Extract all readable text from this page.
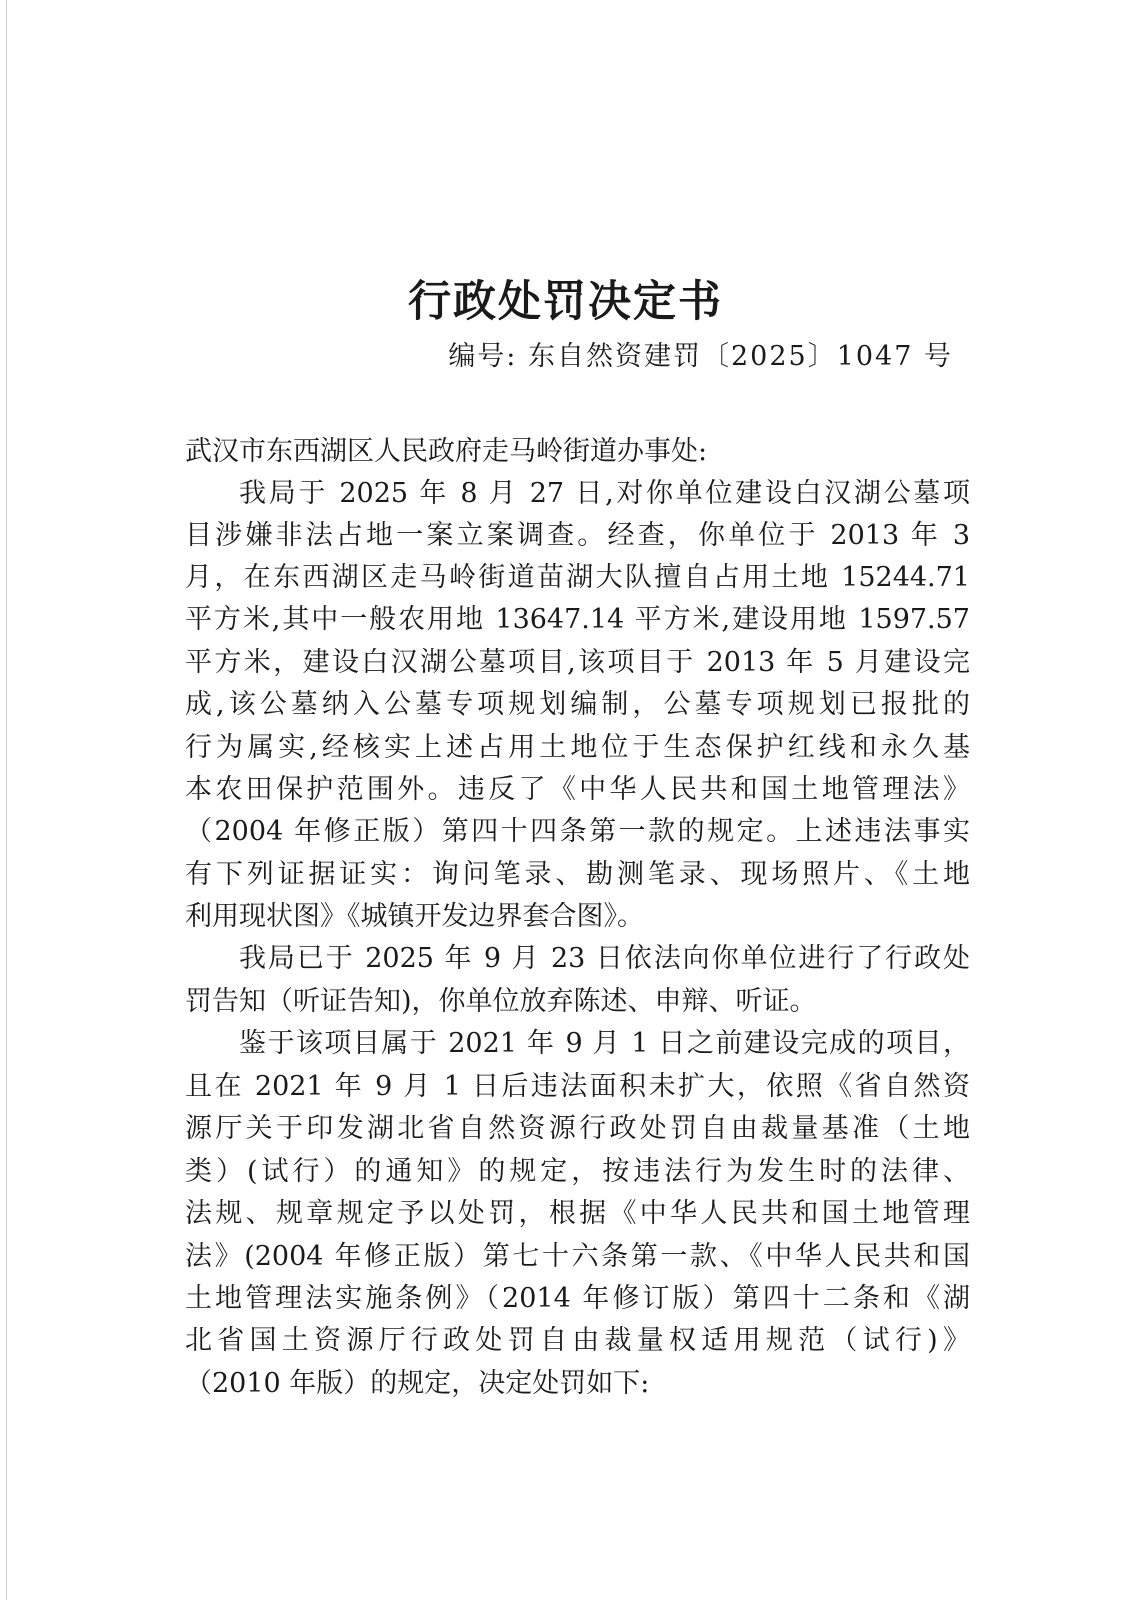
行政处罚决定书
编号: 东自然资建罚〔2025〕1047 号
武汉市东西湖区人民政府走马岭街道办事处:
我局于 2025 年 8 月 27 日,对你单位建设白汉湖公墓项
目涉嫌非法占地一案立案调查。经查，你单位于 2013 年 3
月，在东西湖区走马岭街道苗湖大队擅自占用土地 15244.71
平方米,其中一般农用地 13647.14 平方米,建设用地 1597.57
平方米，建设白汉湖公墓项目,该项目于 2013 年 5 月建设完
成,该公墓纳入公墓专项规划编制，公墓专项规划已报批的
行为属实,经核实上述占用土地位于生态保护红线和永久基
本农田保护范围外。违反了《中华人民共和国土地管理法》
（2004 年修正版）第四十四条第一款的规定。上述违法事实
有下列证据证实：询问笔录、勘测笔录、现场照片、《土地
利用现状图》《城镇开发边界套合图》。
我局已于 2025 年 9 月 23 日依法向你单位进行了行政处
罚告知（听证告知)，你单位放弃陈述、申辩、听证。
鉴于该项目属于 2021 年 9 月 1 日之前建设完成的项目，
且在 2021 年 9 月 1 日后违法面积未扩大，依照《省自然资
源厅关于印发湖北省自然资源行政处罚自由裁量基准（土地
类）(试行）的通知》的规定，按违法行为发生时的法律、
法规、规章规定予以处罚，根据《中华人民共和国土地管理
法》(2004 年修正版）第七十六条第一款、《中华人民共和国
土地管理法实施条例》（2014 年修订版）第四十二条和《湖
北省国土资源厅行政处罚自由裁量权适用规范（试行)》
（2010 年版）的规定，决定处罚如下:
